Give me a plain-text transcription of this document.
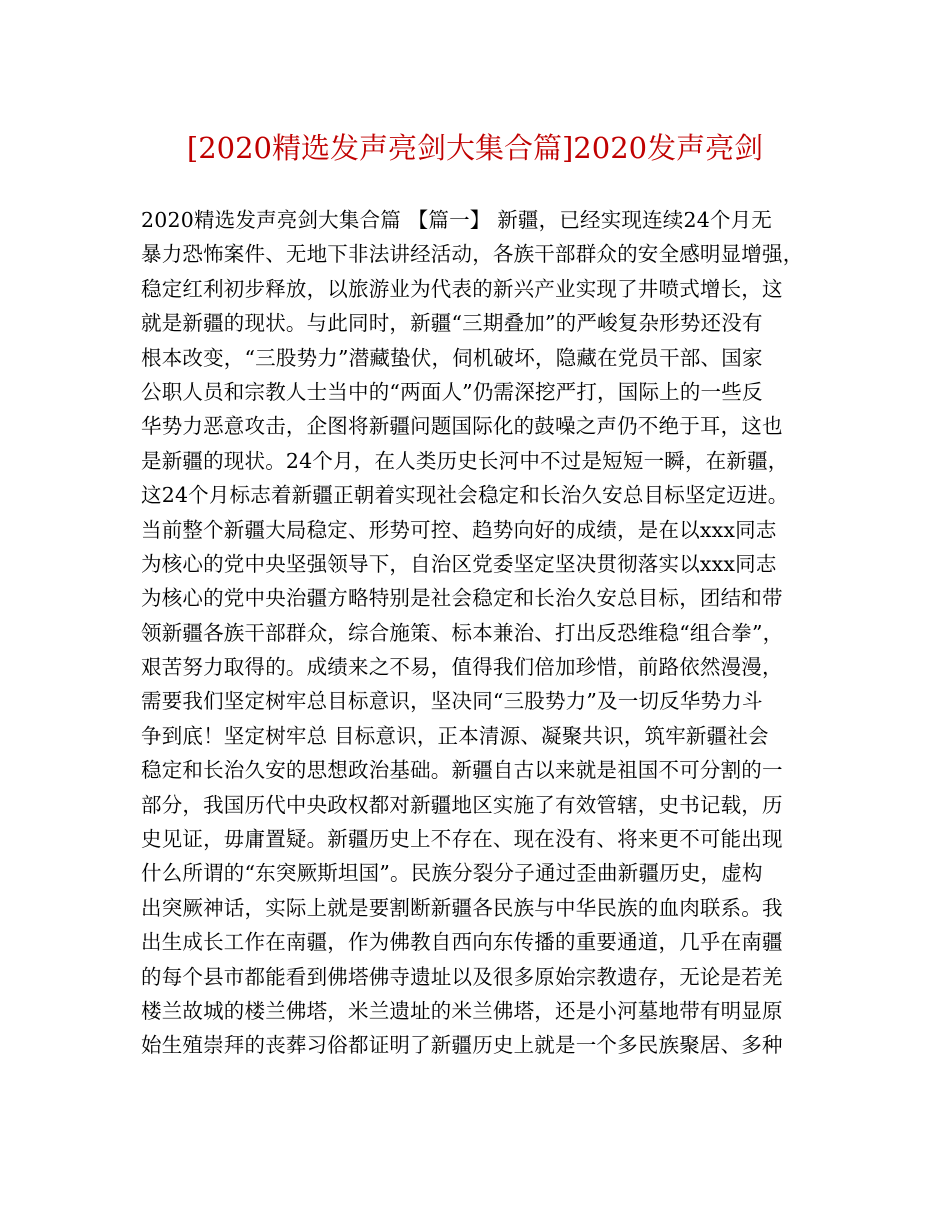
[2020精选发声亮剑大集合篇]2020发声亮剑
2020精选发声亮剑大集合篇 【篇一】 新疆，已经实现连续24个月无
暴力恐怖案件、无地下非法讲经活动，各族干部群众的安全感明显增强，
稳定红利初步释放，以旅游业为代表的新兴产业实现了井喷式增长，这
就是新疆的现状。与此同时，新疆“三期叠加”的严峻复杂形势还没有
根本改变，“三股势力”潜藏蛰伏，伺机破坏，隐藏在党员干部、国家
公职人员和宗教人士当中的“两面人”仍需深挖严打，国际上的一些反
华势力恶意攻击，企图将新疆问题国际化的鼓噪之声仍不绝于耳，这也
是新疆的现状。24个月，在人类历史长河中不过是短短一瞬，在新疆，
这24个月标志着新疆正朝着实现社会稳定和长治久安总目标坚定迈进。
当前整个新疆大局稳定、形势可控、趋势向好的成绩，是在以xxx同志
为核心的党中央坚强领导下，自治区党委坚定坚决贯彻落实以xxx同志
为核心的党中央治疆方略特别是社会稳定和长治久安总目标，团结和带
领新疆各族干部群众，综合施策、标本兼治、打出反恐维稳“组合拳”，
艰苦努力取得的。成绩来之不易，值得我们倍加珍惜，前路依然漫漫，
需要我们坚定树牢总目标意识，坚决同“三股势力”及一切反华势力斗
争到底！坚定树牢总 目标意识，正本清源、凝聚共识，筑牢新疆社会
稳定和长治久安的思想政治基础。新疆自古以来就是祖国不可分割的一
部分，我国历代中央政权都对新疆地区实施了有效管辖，史书记载，历
史见证，毋庸置疑。新疆历史上不存在、现在没有、将来更不可能出现
什么所谓的“东突厥斯坦国”。民族分裂分子通过歪曲新疆历史，虚构
出突厥神话，实际上就是要割断新疆各民族与中华民族的血肉联系。我
出生成长工作在南疆，作为佛教自西向东传播的重要通道，几乎在南疆
的每个县市都能看到佛塔佛寺遗址以及很多原始宗教遗存，无论是若羌
楼兰故城的楼兰佛塔，米兰遗址的米兰佛塔，还是小河墓地带有明显原
始生殖崇拜的丧葬习俗都证明了新疆历史上就是一个多民族聚居、多种
